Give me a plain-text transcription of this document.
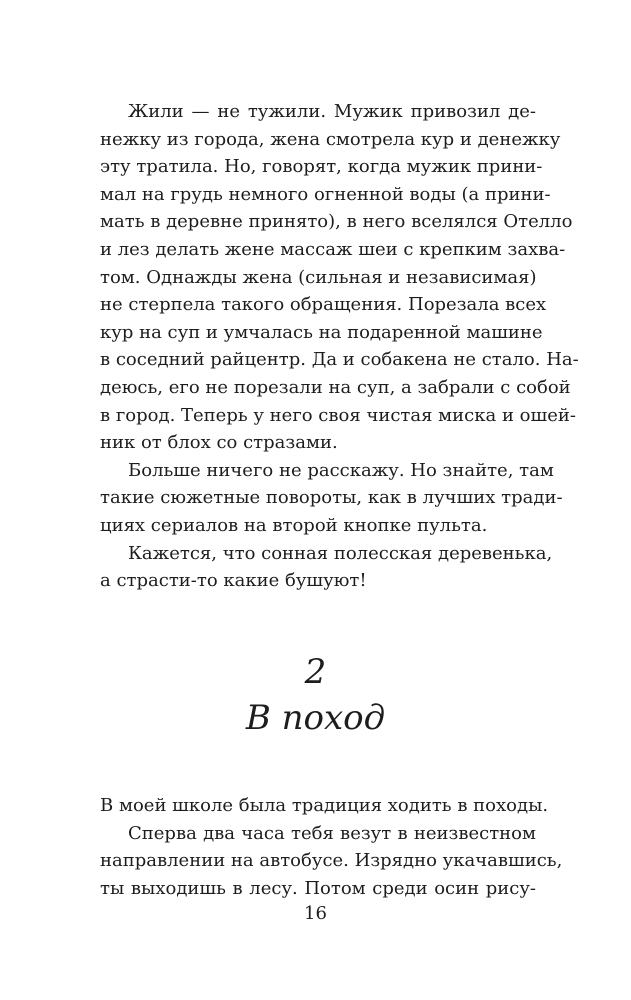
Жили — не тужили. Мужик привозил де-
нежку из города, жена смотрела кур и денежку
эту тратила. Но, говорят, когда мужик прини-
мал на грудь немного огненной воды (а прини-
мать в деревне принято), в него вселялся Отелло
и лез делать жене массаж шеи с крепким захва-
том. Однажды жена (сильная и независимая)
не стерпела такого обращения. Порезала всех
кур на суп и умчалась на подаренной машине
в соседний райцентр. Да и собакена не стало. На-
деюсь, его не порезали на суп, а забрали с собой
в город. Теперь у него своя чистая миска и ошей-
ник от блох со стразами.
Больше ничего не расскажу. Но знайте, там
такие сюжетные повороты, как в лучших тради-
циях сериалов на второй кнопке пульта.
Кажется, что сонная полесская деревенька,
а страсти-то какие бушуют!
2
В поход
В моей школе была традиция ходить в походы.
Сперва два часа тебя везут в неизвестном
направлении на автобусе. Изрядно укачавшись,
ты выходишь в лесу. Потом среди осин рису-
16
